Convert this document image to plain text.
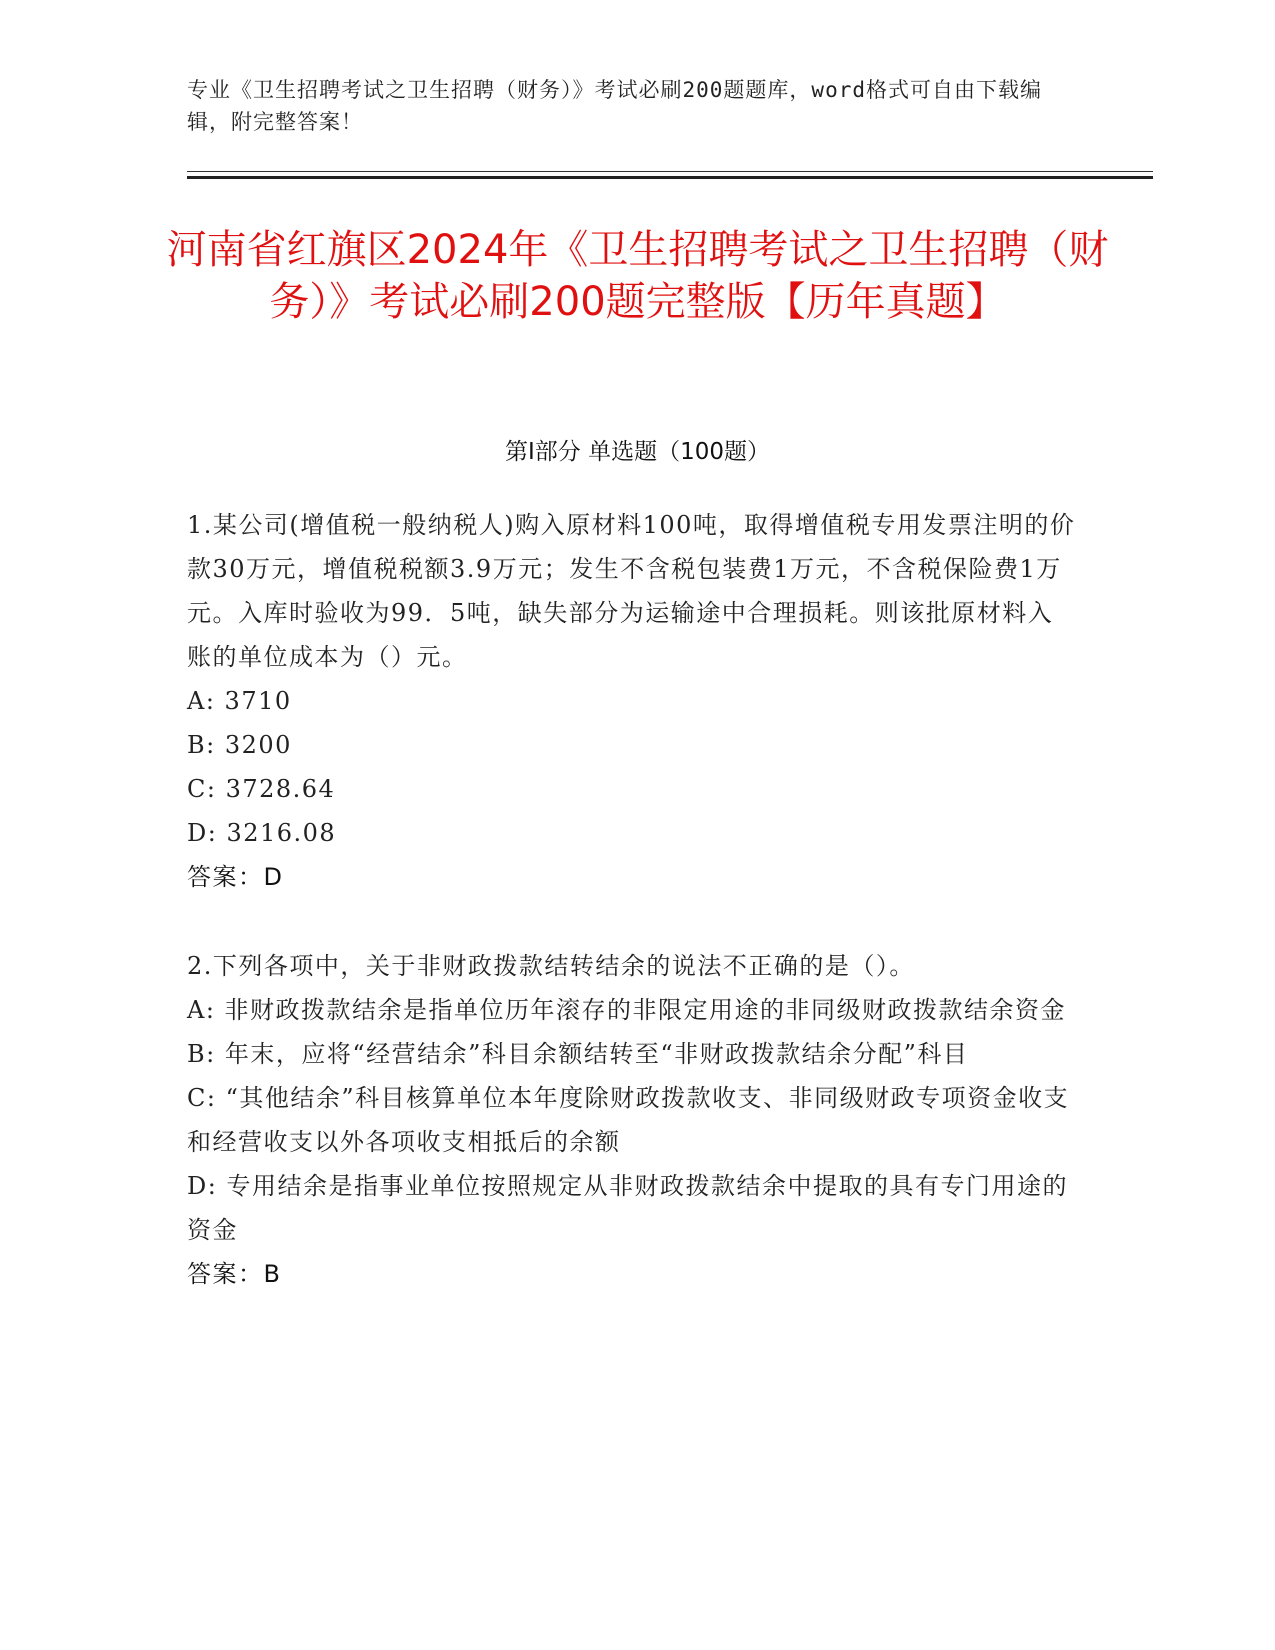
专业《卫生招聘考试之卫生招聘（财务）》考试必刷200题题库，word格式可自由下载编辑，附完整答案！
河南省红旗区2024年《卫生招聘考试之卫生招聘（财务）》考试必刷200题完整版【历年真题】
第I部分 单选题（100题）

1.某公司(增值税一般纳税人)购入原材料100吨，取得增值税专用发票注明的价款30万元，增值税税额3.9万元；发生不含税包装费1万元，不含税保险费1万元。入库时验收为99．5吨，缺失部分为运输途中合理损耗。则该批原材料入账的单位成本为（）元。

A: 3710

B: 3200

C: 3728.64

D: 3216.08

答案：D

2.下列各项中，关于非财政拨款结转结余的说法不正确的是（）。

A: 非财政拨款结余是指单位历年滚存的非限定用途的非同级财政拨款结余资金

B: 年末，应将“经营结余”科目余额结转至“非财政拨款结余分配”科目

C: “其他结余”科目核算单位本年度除财政拨款收支、非同级财政专项资金收支和经营收支以外各项收支相抵后的余额

D: 专用结余是指事业单位按照规定从非财政拨款结余中提取的具有专门用途的资金

答案：B
